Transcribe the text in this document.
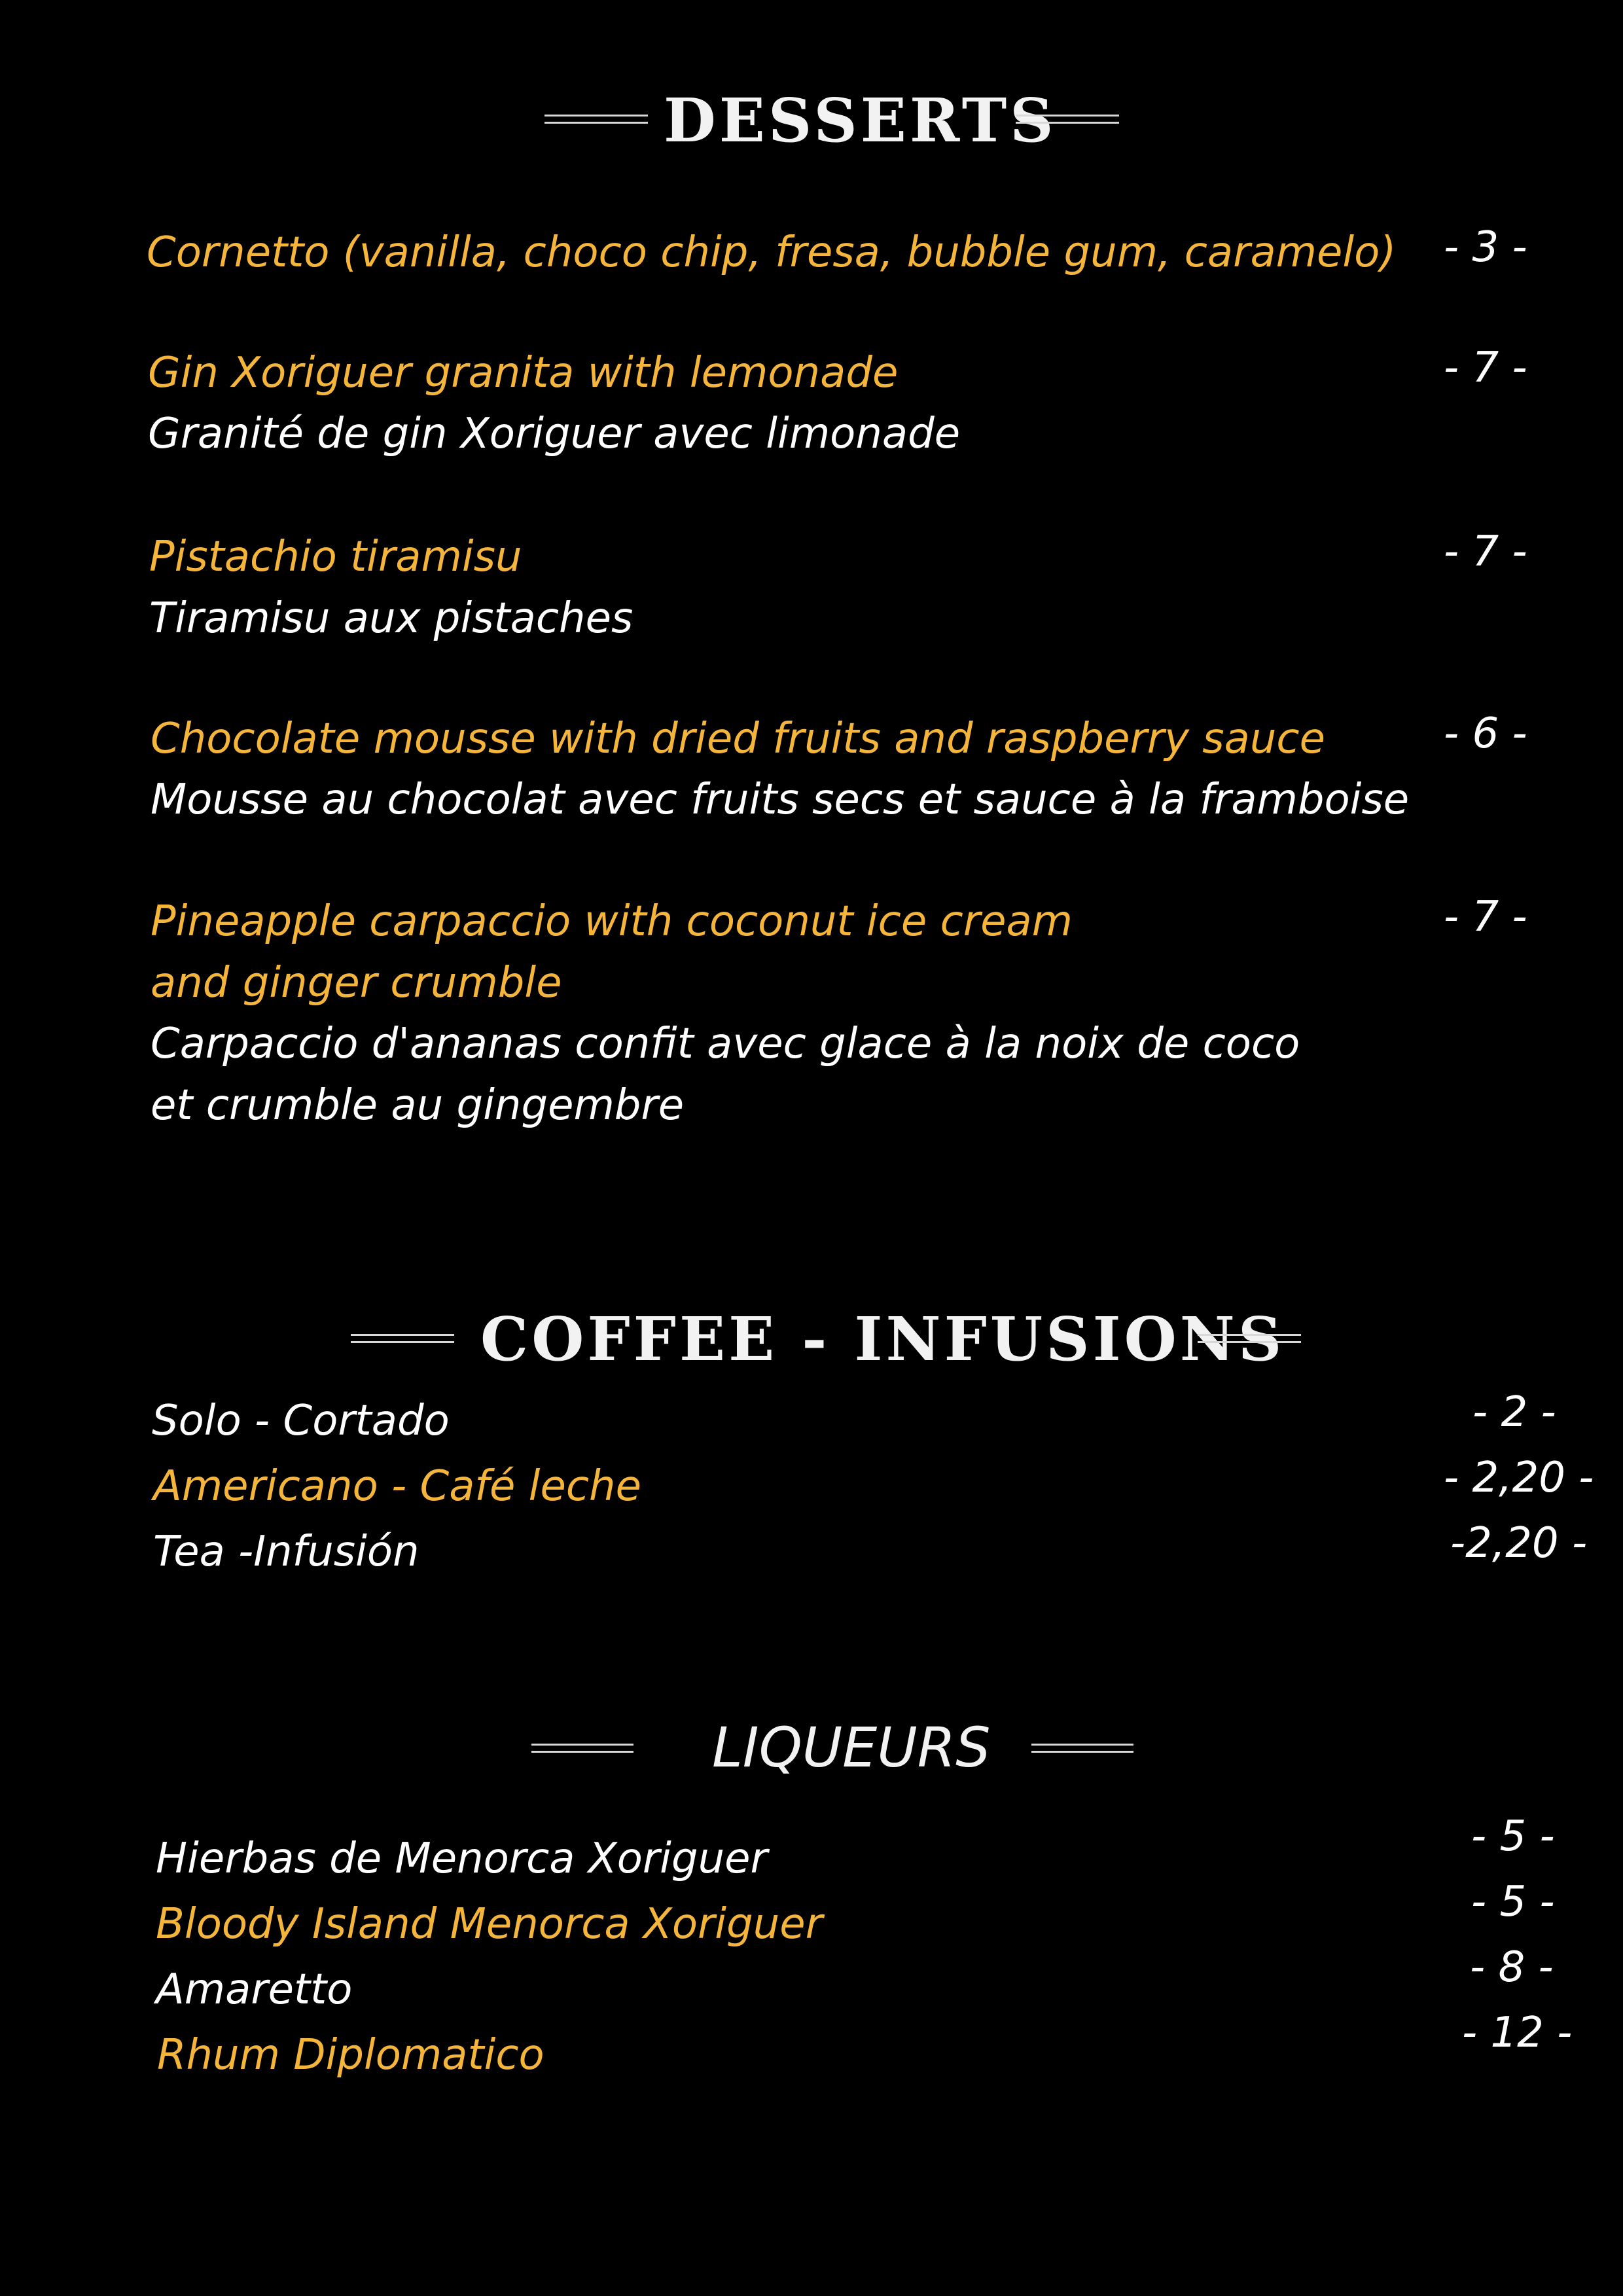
DESSERTS
Cornetto (vanilla, choco chip, fresa, bubble gum, caramelo) - 3 -
Gin Xoriguer granita with lemonade
Granité de gin Xoriguer avec limonade
- 7 -
Pistachio tiramisu
Tiramisu aux pistaches
- 7 -
Chocolate mousse with dried fruits and raspberry sauce
Mousse au chocolat avec fruits secs et sauce à la framboise
- 6 -
Pineapple carpaccio with coconut ice cream
and ginger crumble
Carpaccio d'ananas confit avec glace à la noix de coco
et crumble au gingembre
- 7 -
COFFEE - INFUSIONS
Solo - Cortado	- 2 -
Americano - Café leche	- 2,20 -
Tea -Infusión	-2,20 -
LIQUEURS
Hierbas de Menorca Xoriguer	- 5 -
Bloody Island Menorca Xoriguer	- 5 -
Amaretto	- 8 -
Rhum Diplomatico	- 12 -
